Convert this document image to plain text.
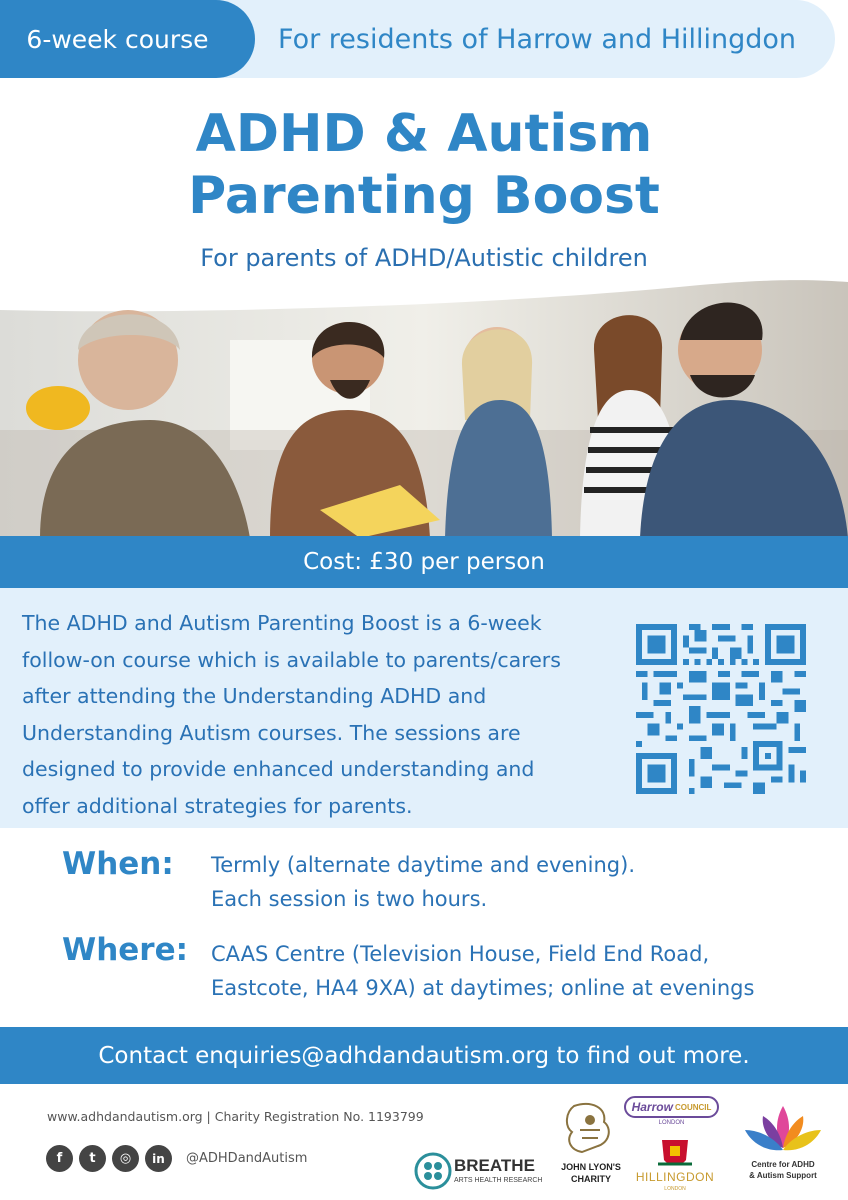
6-week course	For residents of Harrow and Hillingdon
ADHD & Autism
Parenting Boost
For parents of ADHD/Autistic children
Cost: £30 per person
The ADHD and Autism Parenting Boost is a 6-week
follow-on course which is available to parents/carers
after attending the Understanding ADHD and
Understanding Autism courses. The sessions are
designed to provide enhanced understanding and
offer additional strategies for parents.
When: Termly (alternate daytime and evening).
Each session is two hours.
Where: CAAS Centre (Television House, Field End Road,
Eastcote, HA4 9XA) at daytimes; online at evenings
Contact enquiries@adhdandautism.org to find out more.
www.adhdandautism.org | Charity Registration No. 1193799
f	t	◎	in	@ADHDandAutism	BREATHE
ARTS HEALTH RESEARCH
JOHN LYON'S
CHARITY
Harrow COUNCIL
LONDON
HILLINGDON
LONDON
Centre for ADHD
& Autism Support
